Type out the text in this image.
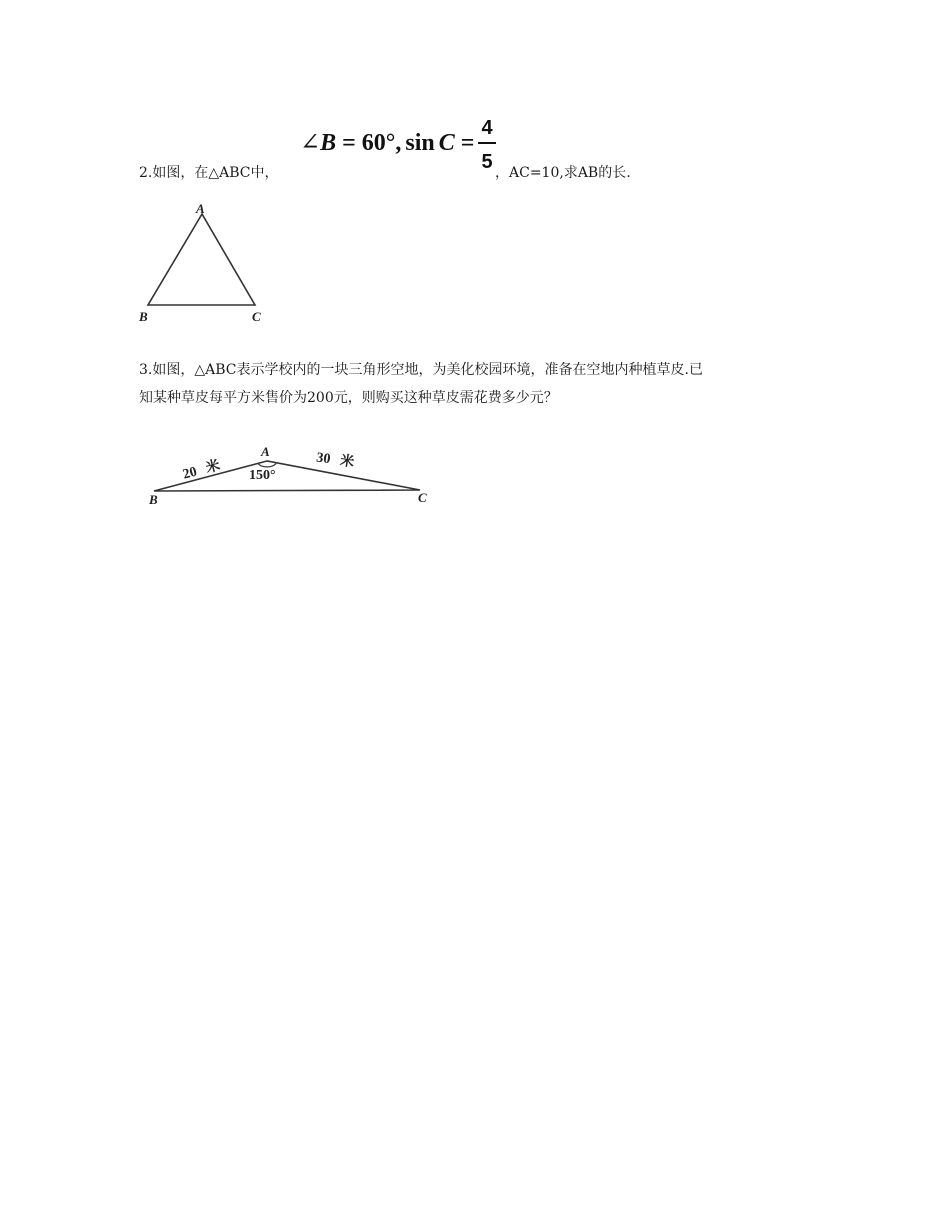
∠B = 60°, sin C =
4
5
2.如图，在△ABC中，	，AC=10,求AB的长.
A
B	C

3.如图，△ABC表示学校内的一块三角形空地，为美化校园环境，准备在空地内种植草皮.已

知某种草皮每平方米售价为200元，则购买这种草皮需花费多少元？

A
B	C
150°
20 米	30 米
